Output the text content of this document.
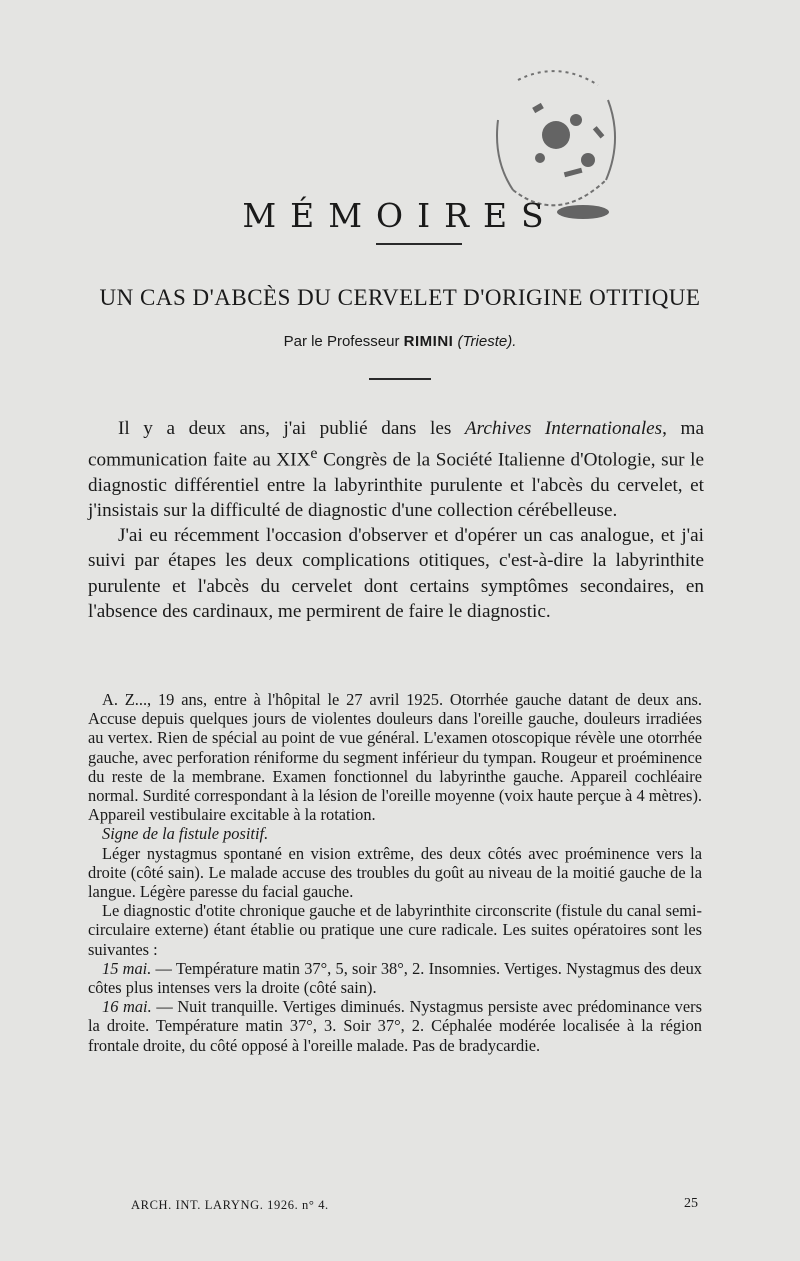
MÉMOIRES
UN CAS D'ABCÈS DU CERVELET D'ORIGINE OTITIQUE
Par le Professeur RIMINI (Trieste).

Il y a deux ans, j'ai publié dans les Archives Internationales, ma communication faite au XIXe Congrès de la Société Italienne d'Otologie, sur le diagnostic différentiel entre la labyrinthite purulente et l'abcès du cervelet, et j'insistais sur la difficulté de diagnostic d'une collection cérébelleuse.

J'ai eu récemment l'occasion d'observer et d'opérer un cas analogue, et j'ai suivi par étapes les deux complications otitiques, c'est-à-dire la labyrinthite purulente et l'abcès du cervelet dont certains symptômes secondaires, en l'absence des cardinaux, me permirent de faire le diagnostic.

A. Z..., 19 ans, entre à l'hôpital le 27 avril 1925. Otorrhée gauche datant de deux ans. Accuse depuis quelques jours de violentes douleurs dans l'oreille gauche, douleurs irradiées au vertex. Rien de spécial au point de vue général. L'examen otoscopique révèle une otorrhée gauche, avec perforation réniforme du segment inférieur du tympan. Rougeur et proéminence du reste de la membrane. Examen fonctionnel du labyrinthe gauche. Appareil cochléaire normal. Surdité correspondant à la lésion de l'oreille moyenne (voix haute perçue à 4 mètres). Appareil vestibulaire excitable à la rotation.

Signe de la fistule positif.

Léger nystagmus spontané en vision extrême, des deux côtés avec proéminence vers la droite (côté sain). Le malade accuse des troubles du goût au niveau de la moitié gauche de la langue. Légère paresse du facial gauche.

Le diagnostic d'otite chronique gauche et de labyrinthite circonscrite (fistule du canal semi-circulaire externe) étant établie ou pratique une cure radicale. Les suites opératoires sont les suivantes :

15 mai. — Température matin 37°, 5, soir 38°, 2. Insomnies. Vertiges. Nystagmus des deux côtes plus intenses vers la droite (côté sain).

16 mai. — Nuit tranquille. Vertiges diminués. Nystagmus persiste avec prédominance vers la droite. Température matin 37°, 3. Soir 37°, 2. Céphalée modérée localisée à la région frontale droite, du côté opposé à l'oreille malade. Pas de bradycardie.

ARCH. INT. LARYNG. 1926. n° 4.	25
